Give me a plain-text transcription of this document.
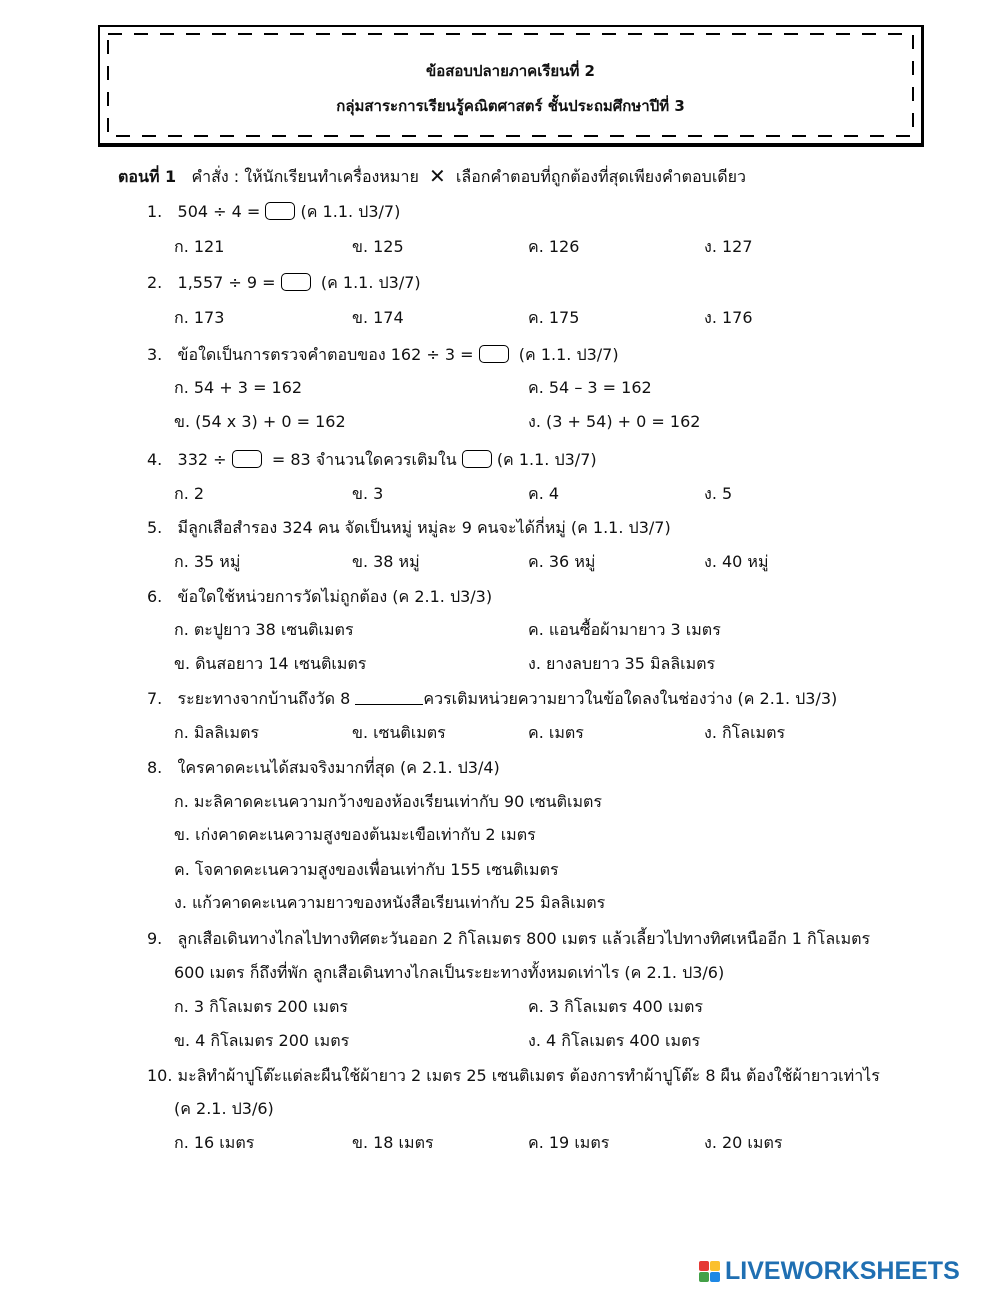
ข้อสอบปลายภาคเรียนที่ 2
กลุ่มสาระการเรียนรู้คณิตศาสตร์ ชั้นประถมศึกษาปีที่ 3
ตอนที่ 1 คำสั่ง : ให้นักเรียนทำเครื่องหมาย ✕ เลือกคำตอบที่ถูกต้องที่สุดเพียงคำตอบเดียว
1. 504 ÷ 4 =	(ค 1.1. ป3/7)
ก. 121	ข. 125	ค. 126	ง. 127
2. 1,557 ÷ 9 =	(ค 1.1. ป3/7)
ก. 173	ข. 174	ค. 175	ง. 176
3. ข้อใดเป็นการตรวจคำตอบของ 162 ÷ 3 =	(ค 1.1. ป3/7)
ก. 54 + 3 = 162	ค. 54 – 3 = 162
ข. (54 x 3) + 0 = 162	ง. (3 + 54) + 0 = 162
4. 332 ÷	= 83 จำนวนใดควรเติมใน	(ค 1.1. ป3/7)
ก. 2	ข. 3	ค. 4	ง. 5
5. มีลูกเสือสำรอง 324 คน จัดเป็นหมู่ หมู่ละ 9 คนจะได้กี่หมู่ (ค 1.1. ป3/7)
ก. 35 หมู่	ข. 38 หมู่	ค. 36 หมู่	ง. 40 หมู่
6. ข้อใดใช้หน่วยการวัดไม่ถูกต้อง (ค 2.1. ป3/3)
ก. ตะปูยาว 38 เซนติเมตร	ค. แอนซื้อผ้ามายาว 3 เมตร
ข. ดินสอยาว 14 เซนติเมตร	ง. ยางลบยาว 35 มิลลิเมตร
7. ระยะทางจากบ้านถึงวัด 8	ควรเติมหน่วยความยาวในข้อใดลงในช่องว่าง (ค 2.1. ป3/3)
ก. มิลลิเมตร	ข. เซนติเมตร	ค. เมตร	ง. กิโลเมตร
8. ใครคาดคะเนได้สมจริงมากที่สุด (ค 2.1. ป3/4)
ก. มะลิคาดคะเนความกว้างของห้องเรียนเท่ากับ 90 เซนติเมตร
ข. เก่งคาดคะเนความสูงของต้นมะเขือเท่ากับ 2 เมตร
ค. โจคาดคะเนความสูงของเพื่อนเท่ากับ 155 เซนติเมตร
ง. แก้วคาดคะเนความยาวของหนังสือเรียนเท่ากับ 25 มิลลิเมตร
9. ลูกเสือเดินทางไกลไปทางทิศตะวันออก 2 กิโลเมตร 800 เมตร แล้วเลี้ยวไปทางทิศเหนืออีก 1 กิโลเมตร
600 เมตร ก็ถึงที่พัก ลูกเสือเดินทางไกลเป็นระยะทางทั้งหมดเท่าไร (ค 2.1. ป3/6)
ก. 3 กิโลเมตร 200 เมตร	ค. 3 กิโลเมตร 400 เมตร
ข. 4 กิโลเมตร 200 เมตร	ง. 4 กิโลเมตร 400 เมตร
10. มะลิทำผ้าปูโต๊ะแต่ละผืนใช้ผ้ายาว 2 เมตร 25 เซนติเมตร ต้องการทำผ้าปูโต๊ะ 8 ผืน ต้องใช้ผ้ายาวเท่าไร
(ค 2.1. ป3/6)
ก. 16 เมตร	ข. 18 เมตร	ค. 19 เมตร	ง. 20 เมตร
LIVEWORKSHEETS
